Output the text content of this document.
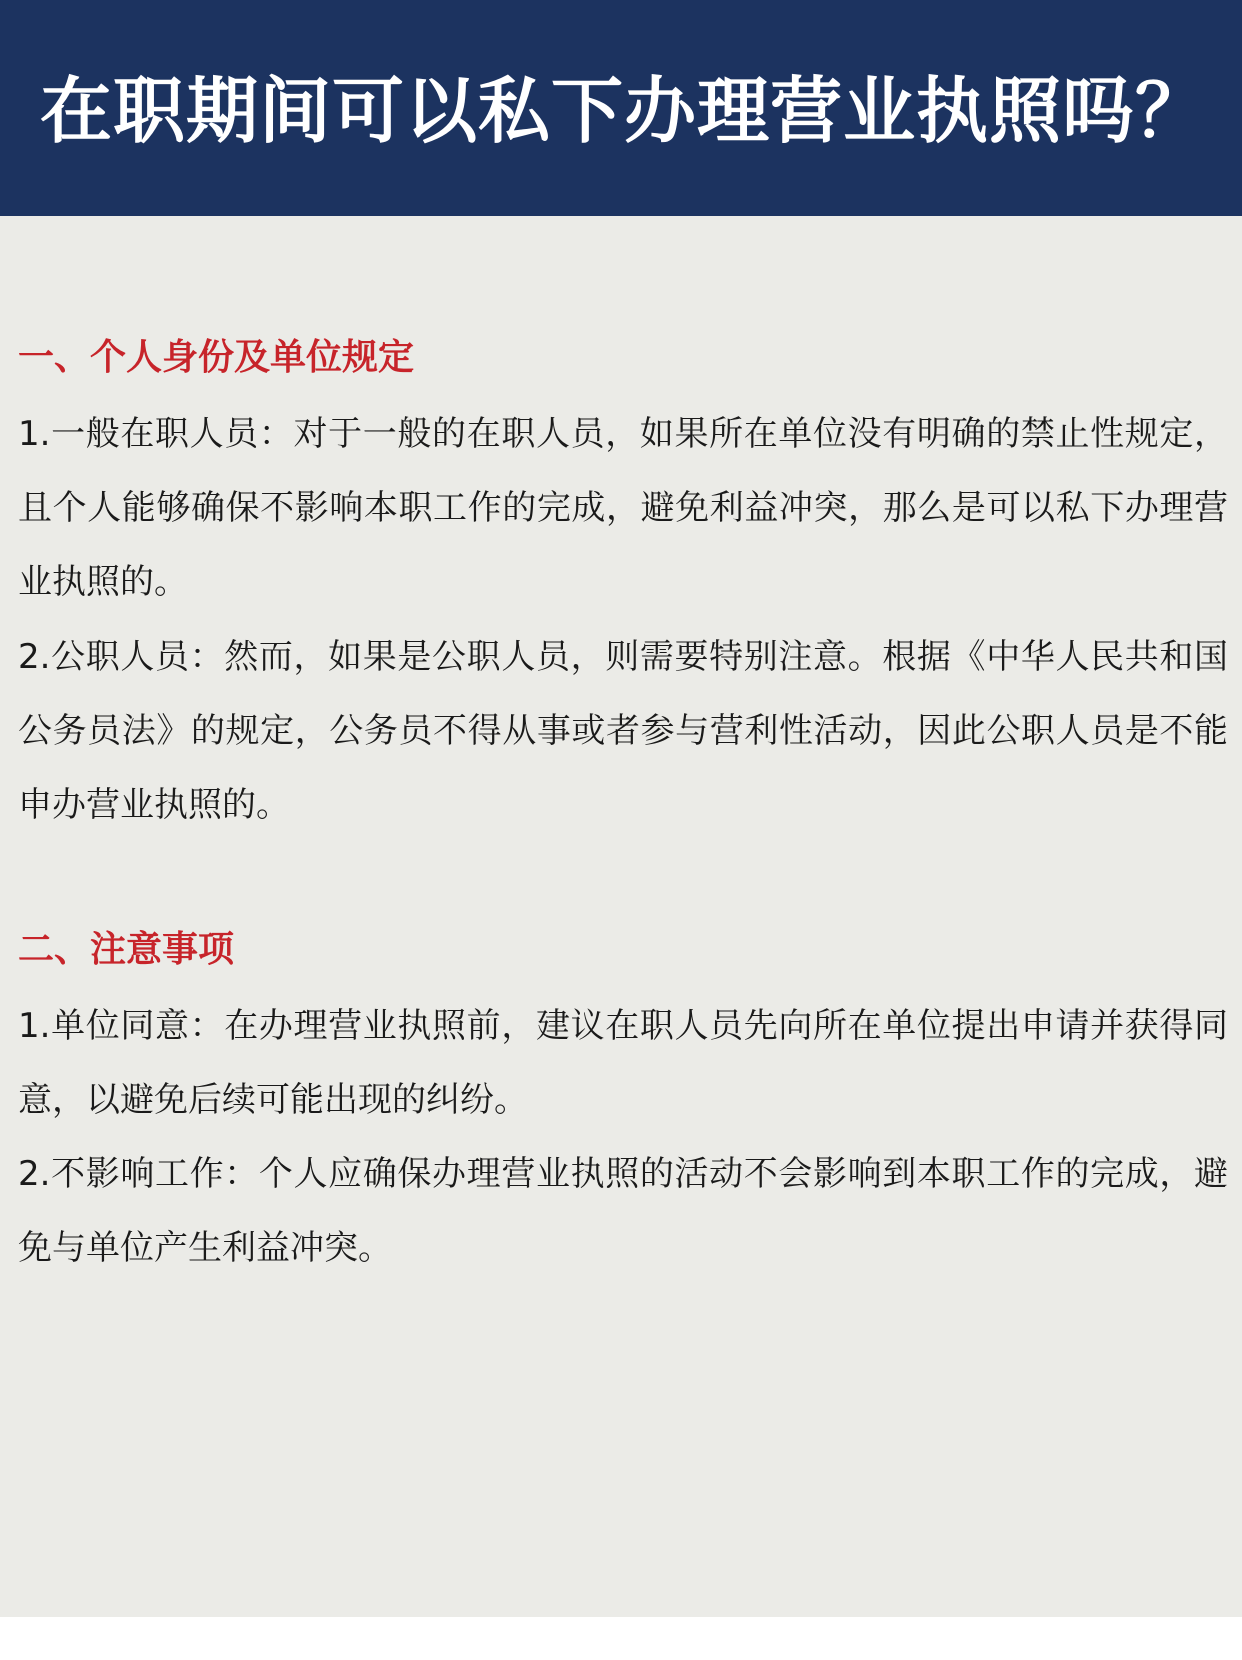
在职期间可以私下办理营业执照吗？
一、个人身份及单位规定

1.一般在职人员：对于一般的在职人员，如果所在单位没有明确的禁止性规定，且个人能够确保不影响本职工作的完成，避免利益冲突，那么是可以私下办理营业执照的。

2.公职人员：然而，如果是公职人员，则需要特别注意。根据《中华人民共和国公务员法》的规定，公务员不得从事或者参与营利性活动，因此公职人员是不能申办营业执照的。

二、注意事项

1.单位同意：在办理营业执照前，建议在职人员先向所在单位提出申请并获得同意，以避免后续可能出现的纠纷。

2.不影响工作：个人应确保办理营业执照的活动不会影响到本职工作的完成，避免与单位产生利益冲突。
